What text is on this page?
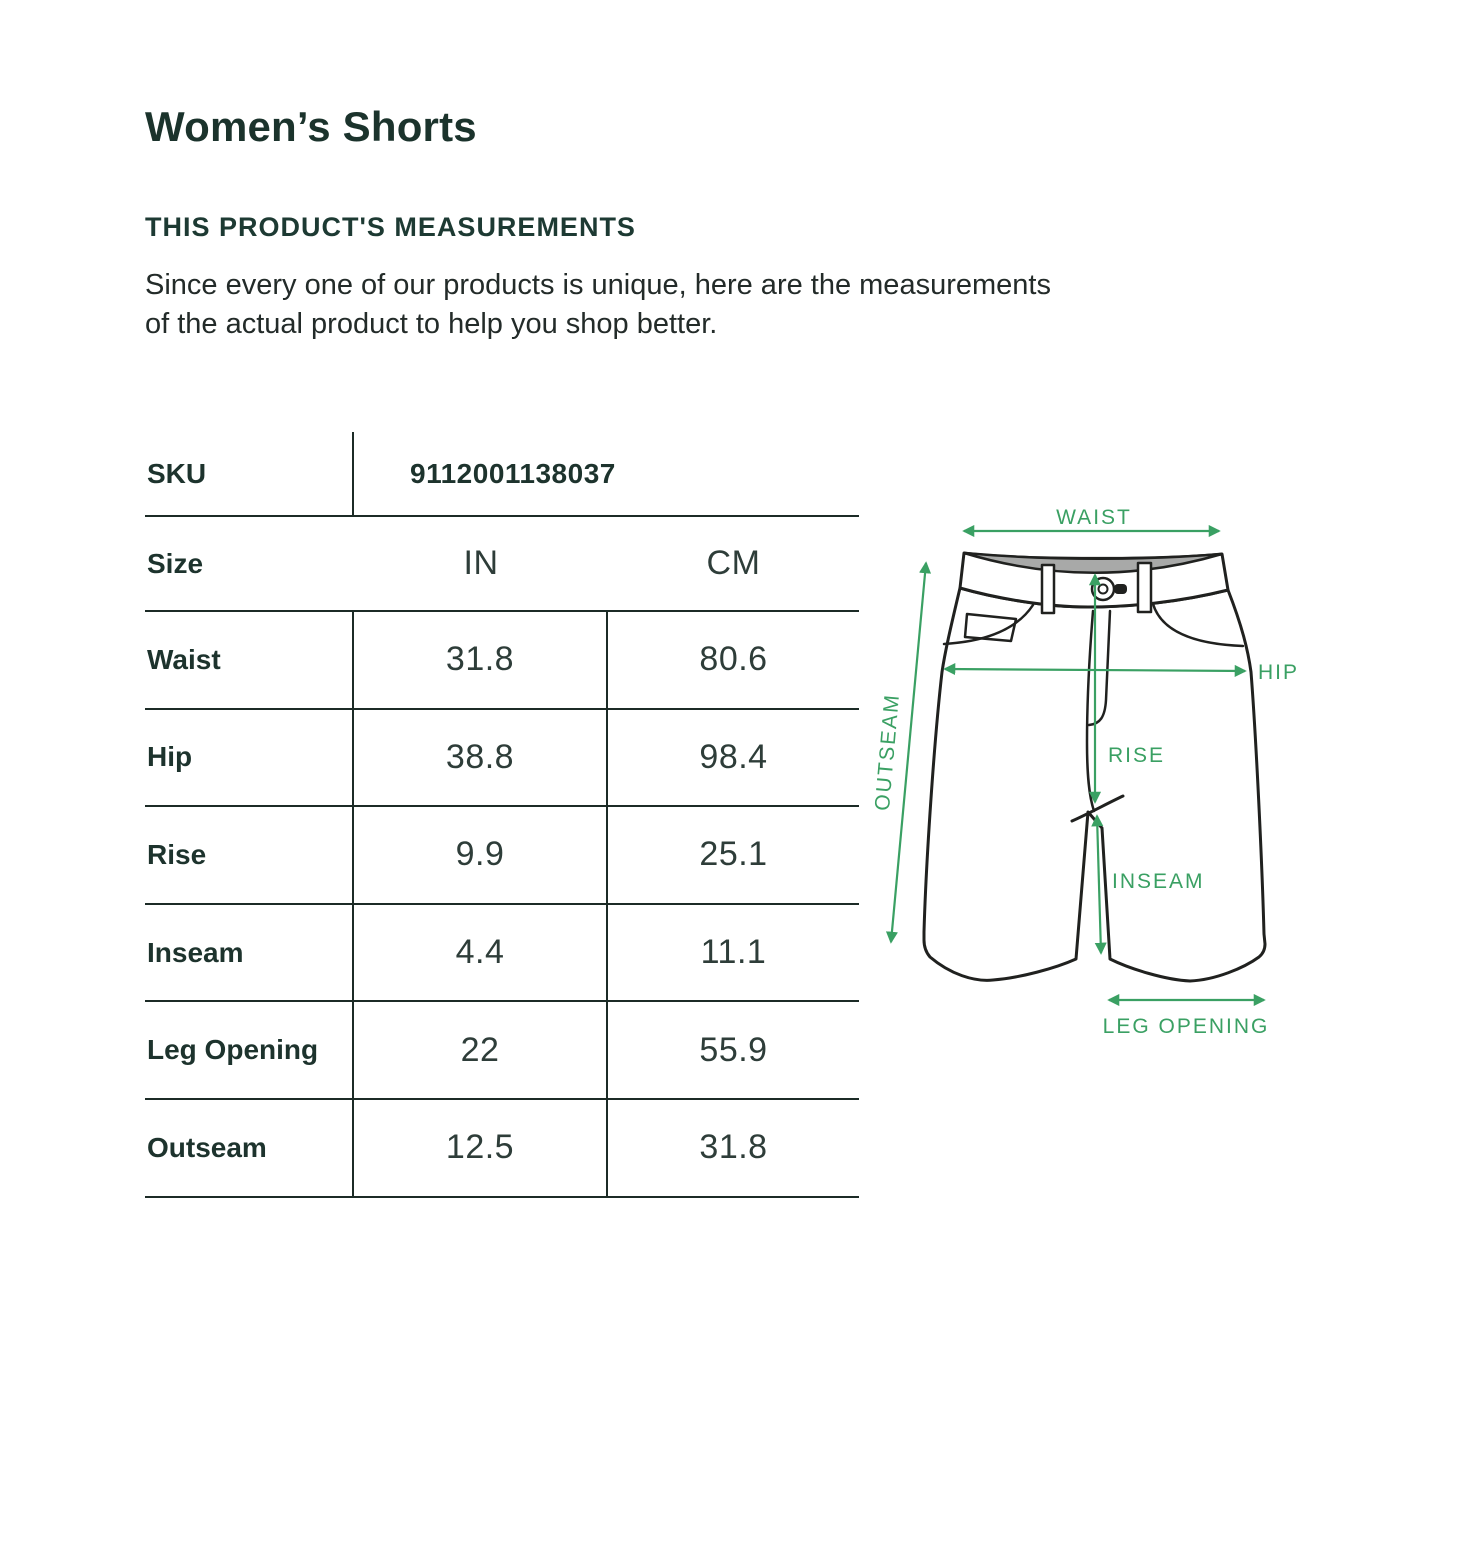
Women’s Shorts
THIS PRODUCT'S MEASUREMENTS
Since every one of our products is unique, here are the measurements
of the actual product to help you shop better.
SKU	9112001138037
Size	IN	CM
Waist	31.8	80.6
Hip	38.8	98.4
Rise	9.9	25.1
Inseam	4.4	11.1
Leg Opening	22	55.9
Outseam	12.5	31.8
WAIST
OUTSEAM
HIP
RISE
INSEAM
LEG OPENING
